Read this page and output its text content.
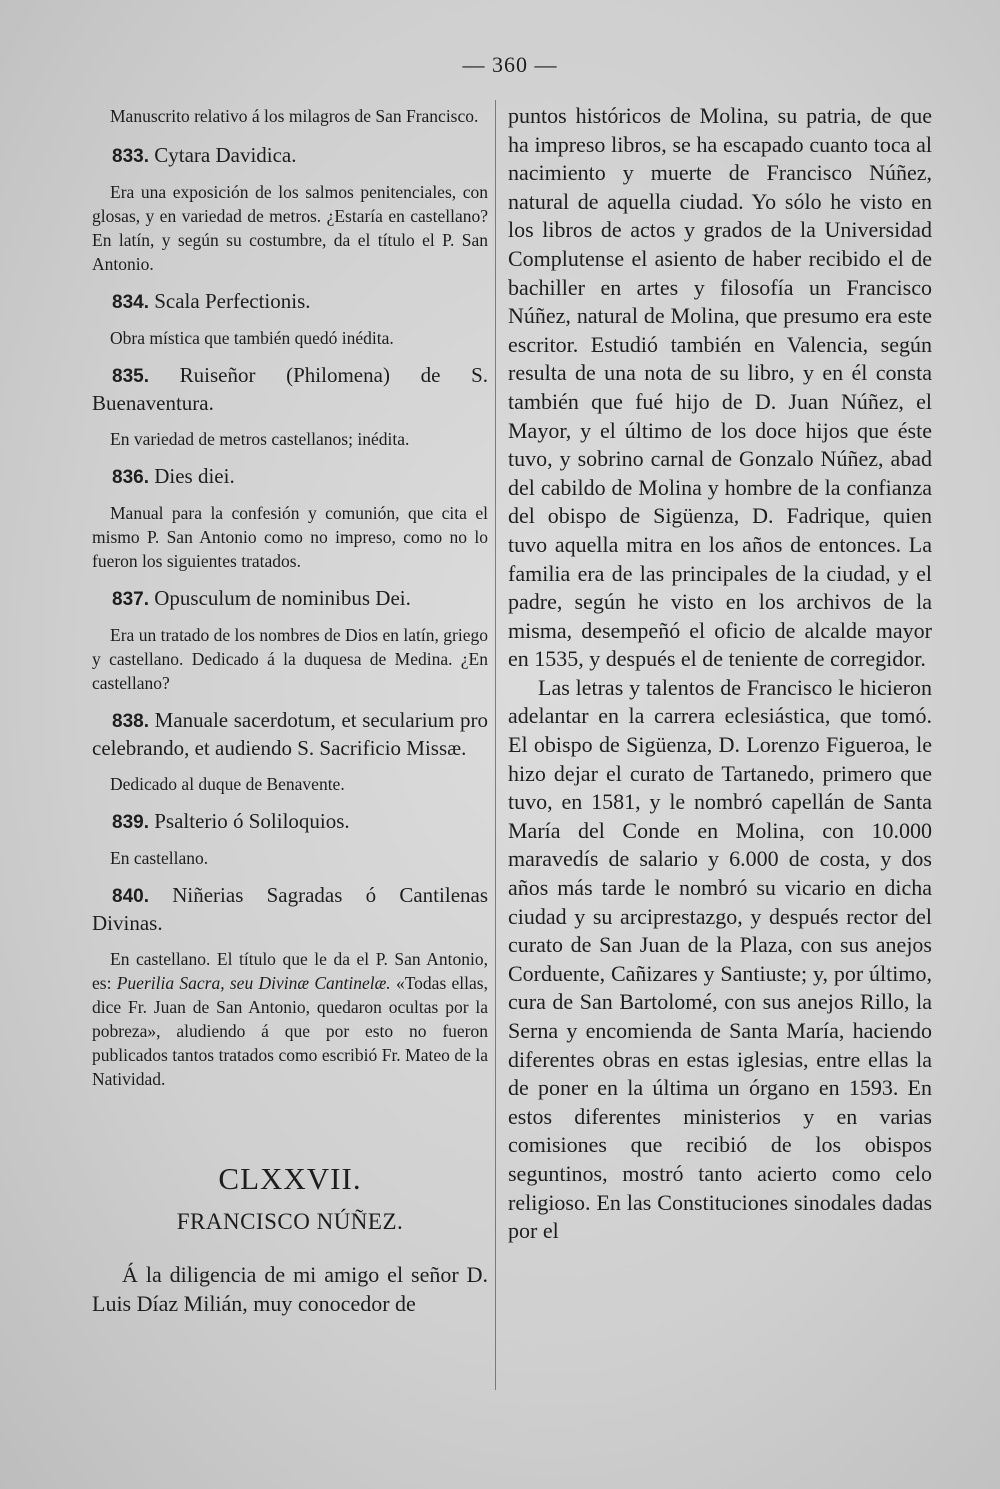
— 360 —

Manuscrito relativo á los milagros de San Francisco.

833. Cytara Davidica.

Era una exposición de los salmos penitenciales, con glosas, y en variedad de metros. ¿Estaría en castellano? En latín, y según su costumbre, da el título el P. San Antonio.

834. Scala Perfectionis.

Obra mística que también quedó inédita.

835. Ruiseñor (Philomena) de S. Buenaventura.

En variedad de metros castellanos; inédita.

836. Dies diei.

Manual para la confesión y comunión, que cita el mismo P. San Antonio como no impreso, como no lo fueron los siguientes tratados.

837. Opusculum de nominibus Dei.

Era un tratado de los nombres de Dios en latín, griego y castellano. Dedicado á la duquesa de Medina. ¿En castellano?

838. Manuale sacerdotum, et secularium pro celebrando, et audiendo S. Sacrificio Missæ.

Dedicado al duque de Benavente.

839. Psalterio ó Soliloquios.

En castellano.

840. Niñerias Sagradas ó Cantilenas Divinas.

En castellano. El título que le da el P. San Antonio, es: Puerilia Sacra, seu Divinæ Cantinelæ. «Todas ellas, dice Fr. Juan de San Antonio, quedaron ocultas por la pobreza», aludiendo á que por esto no fueron publicados tantos tratados como escribió Fr. Mateo de la Natividad.

CLXXVII.
FRANCISCO NÚÑEZ.

Á la diligencia de mi amigo el señor D. Luis Díaz Milián, muy conocedor de

puntos históricos de Molina, su patria, de que ha impreso libros, se ha escapado cuanto toca al nacimiento y muerte de Francisco Núñez, natural de aquella ciudad. Yo sólo he visto en los libros de actos y grados de la Universidad Complutense el asiento de haber recibido el de bachiller en artes y filosofía un Francisco Núñez, natural de Molina, que presumo era este escritor. Estudió también en Valencia, según resulta de una nota de su libro, y en él consta también que fué hijo de D. Juan Núñez, el Mayor, y el último de los doce hijos que éste tuvo, y sobrino carnal de Gonzalo Núñez, abad del cabildo de Molina y hombre de la confianza del obispo de Sigüenza, D. Fadrique, quien tuvo aquella mitra en los años de entonces. La familia era de las principales de la ciudad, y el padre, según he visto en los archivos de la misma, desempeñó el oficio de alcalde mayor en 1535, y después el de teniente de corregidor.

Las letras y talentos de Francisco le hicieron adelantar en la carrera eclesiástica, que tomó. El obispo de Sigüenza, D. Lorenzo Figueroa, le hizo dejar el curato de Tartanedo, primero que tuvo, en 1581, y le nombró capellán de Santa María del Conde en Molina, con 10.000 maravedís de salario y 6.000 de costa, y dos años más tarde le nombró su vicario en dicha ciudad y su arciprestazgo, y después rector del curato de San Juan de la Plaza, con sus anejos Corduente, Cañizares y Santiuste; y, por último, cura de San Bartolomé, con sus anejos Rillo, la Serna y encomienda de Santa María, haciendo diferentes obras en estas iglesias, entre ellas la de poner en la última un órgano en 1593. En estos diferentes ministerios y en varias comisiones que recibió de los obispos seguntinos, mostró tanto acierto como celo religioso. En las Constituciones sinodales dadas por el
